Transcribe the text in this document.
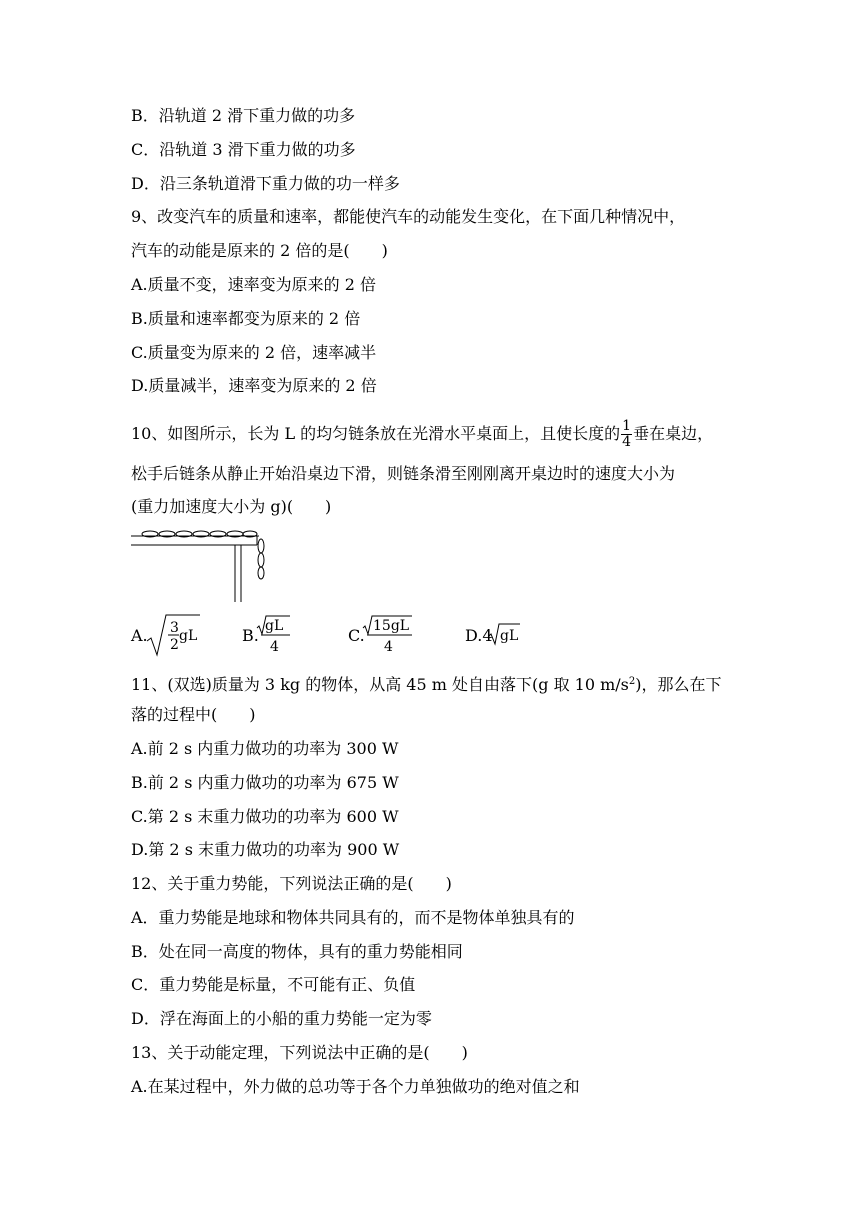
B．沿轨道 2 滑下重力做的功多
C．沿轨道 3 滑下重力做的功多
D．沿三条轨道滑下重力做的功一样多
9、改变汽车的质量和速率，都能使汽车的动能发生变化，在下面几种情况中，
汽车的动能是原来的 2 倍的是(　　)
A.质量不变，速率变为原来的 2 倍
B.质量和速率都变为原来的 2 倍
C.质量变为原来的 2 倍，速率减半
D.质量减半，速率变为原来的 2 倍
10、如图所示，长为 L 的均匀链条放在光滑水平桌面上，且使长度的 $\frac{1}{4}$ 垂在桌边，
松手后链条从静止开始沿桌边下滑，则链条滑至刚刚离开桌边时的速度大小为
(重力加速度大小为 g)(　　)
A. 3
2
gL	B. gL
4
C. 15gL
4
D.4 gL
11、(双选)质量为 3 kg 的物体，从高 45 m 处自由落下(g 取 10 $m/s^2$)，那么在下
落的过程中(　　)
A.前 2 s 内重力做功的功率为 300 W
B.前 2 s 内重力做功的功率为 675 W
C.第 2 s 末重力做功的功率为 600 W
D.第 2 s 末重力做功的功率为 900 W
12、关于重力势能，下列说法正确的是(　　)
A．重力势能是地球和物体共同具有的，而不是物体单独具有的
B．处在同一高度的物体，具有的重力势能相同
C．重力势能是标量，不可能有正、负值
D．浮在海面上的小船的重力势能一定为零
13、关于动能定理，下列说法中正确的是(　　)
A.在某过程中，外力做的总功等于各个力单独做功的绝对值之和
